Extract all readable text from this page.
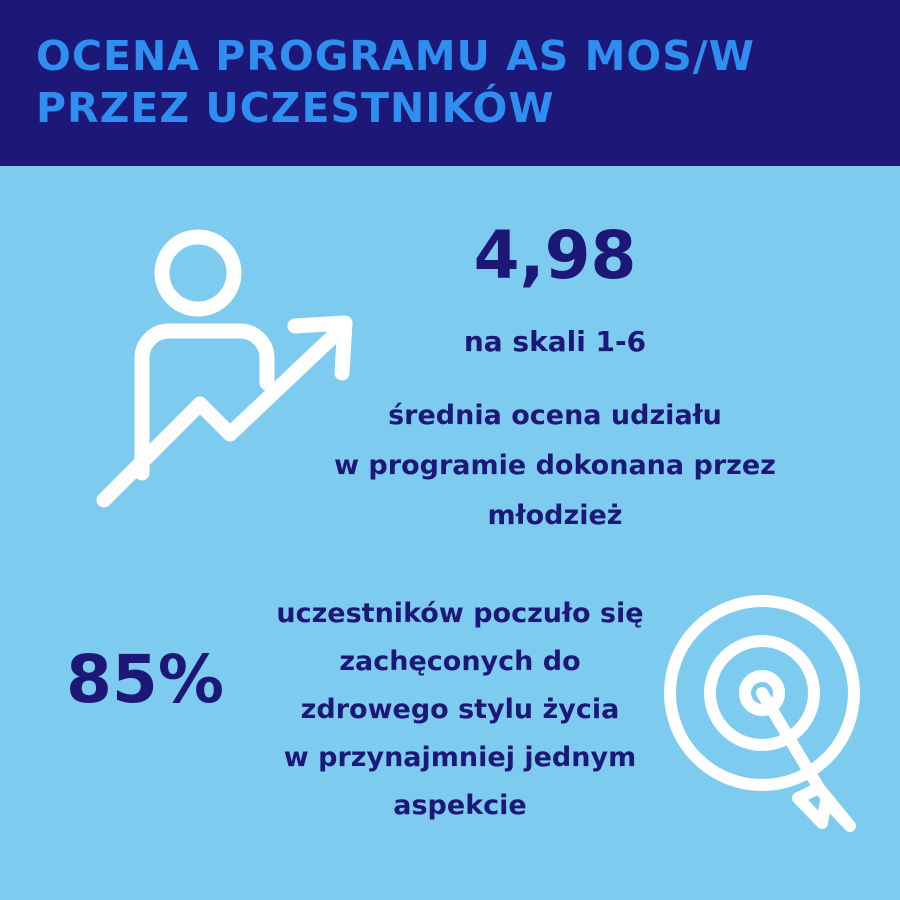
OCENA PROGRAMU AS MOS/W
PRZEZ UCZESTNIKÓW

4,98

na skali 1-6

średnia ocena udziału
w programie dokonana przez
młodzież

85%

uczestników poczuło się
zachęconych do
zdrowego stylu życia
w przynajmniej jednym
aspekcie
